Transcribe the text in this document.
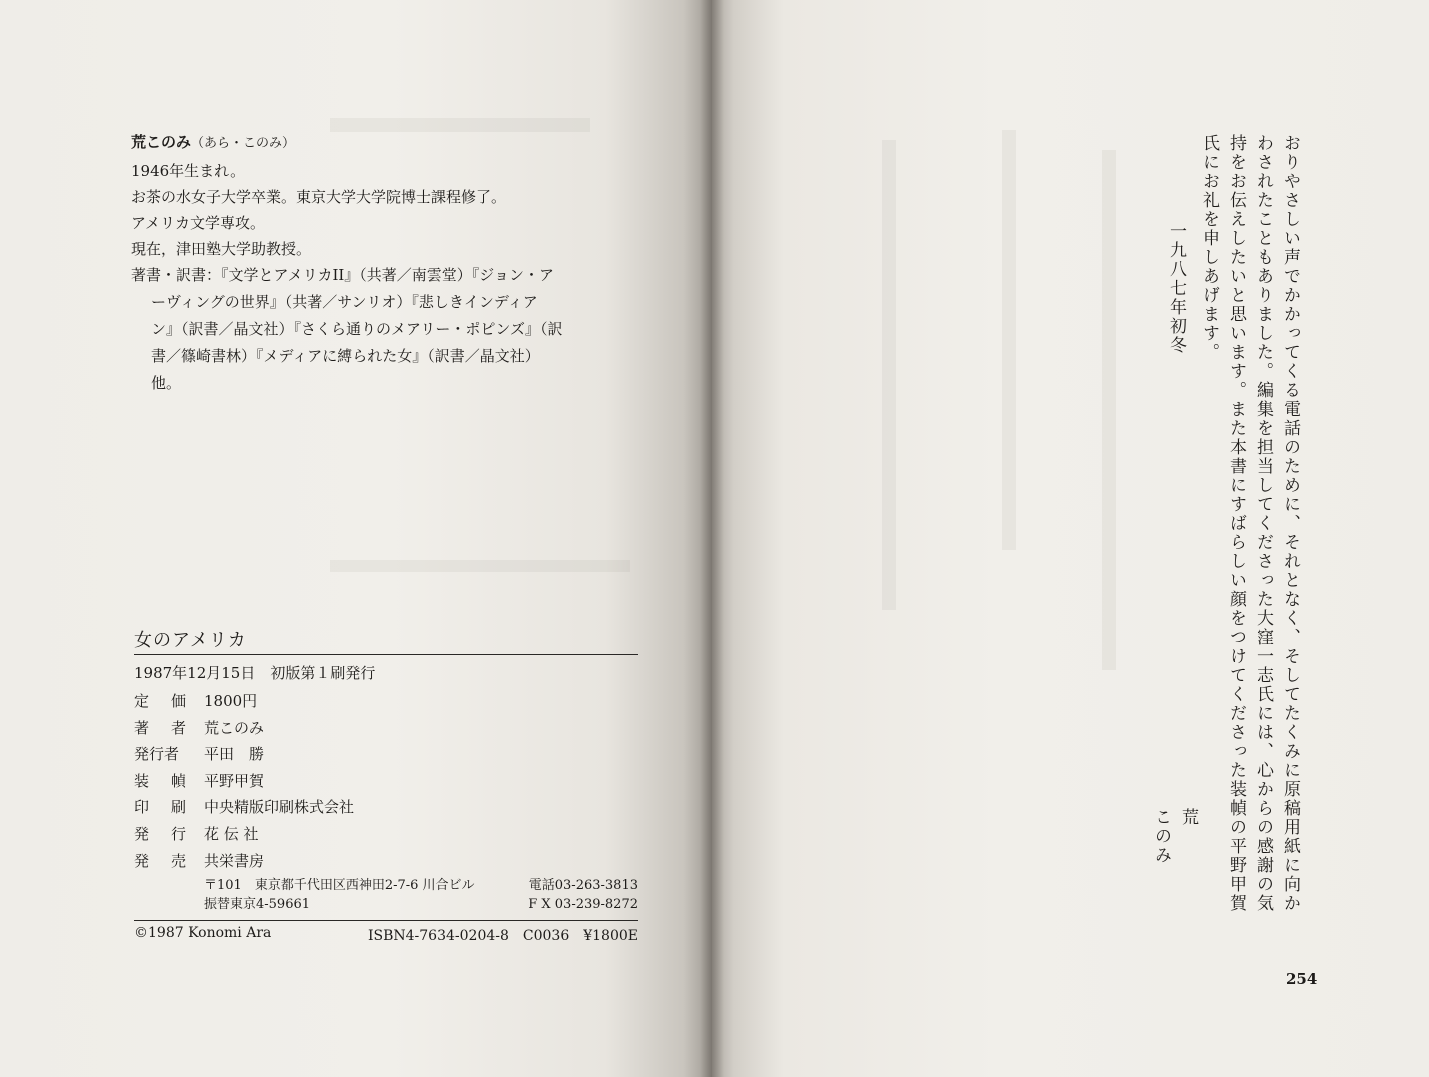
荒このみ（あら・このみ）
1946年生まれ。
お茶の水女子大学卒業。東京大学大学院博士課程修了。
アメリカ文学専攻。
現在，津田塾大学助教授。
著書・訳書：『文学とアメリカII』（共著／南雲堂）『ジョン・ア
ーヴィングの世界』（共著／サンリオ）『悲しきインディア
ン』（訳書／晶文社）『さくら通りのメアリー・ポピンズ』（訳
書／篠崎書林）『メディアに縛られた女』（訳書／晶文社）
他。
女のアメリカ
1987年12月15日　初版第１刷発行
定 価 1800円
著 者 荒このみ
発行者	平田　勝
装 幀 平野甲賀
印 刷 中央精版印刷株式会社
発 行 花 伝 社
発 売 共栄書房
〒101　東京都千代田区西神田2-7-6 川合ビル	電話03-263-3813
振替東京4-59661	F X 03-239-8272
©1987 Konomi Ara	ISBN4-7634-0204-8　C0036　¥1800E
おりやさしい声でかかってくる電話のために、それとなく、そしてたくみに原稿用紙に向かわされたこともありました。編集を担当してくださった大窪一志氏には、心からの感謝の気持をお伝えしたいと思います。また本書にすばらしい顔をつけてくださった装幀の平野甲賀氏にお礼を申しあげます。
一九八七年初冬
荒
このみ
254
